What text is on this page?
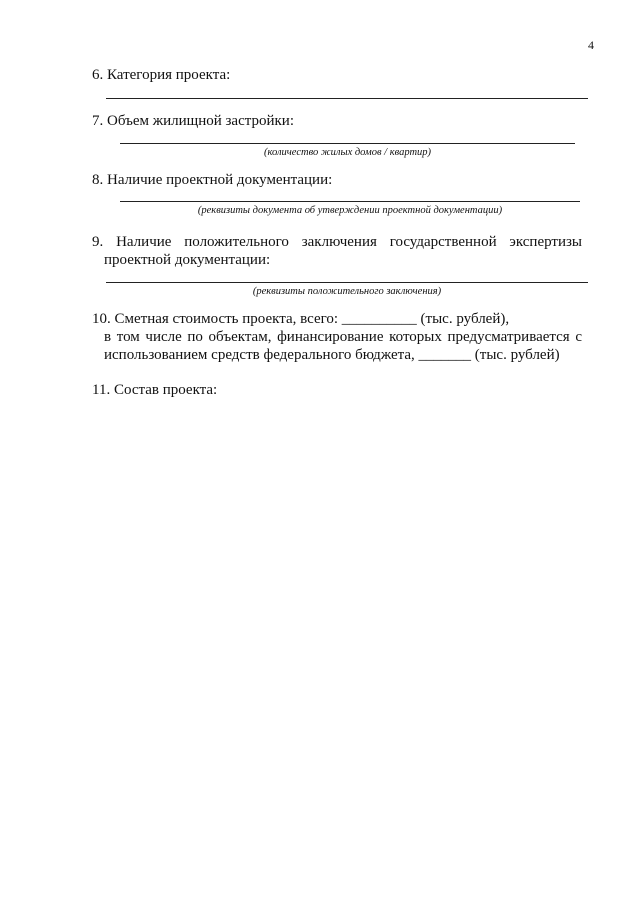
4
6. Категория проекта:
7. Объем жилищной застройки:
(количество жилых домов / квартир)
8. Наличие проектной документации:
(реквизиты документа об утверждении проектной документации)
9. Наличие положительного заключения государственной экспертизы
проектной документации:
(реквизиты положительного заключения)
10. Сметная стоимость проекта, всего: __________ (тыс. рублей),
в том числе по объектам, финансирование которых предусматривается с
использованием средств федерального бюджета, _______ (тыс. рублей)
11. Состав проекта:
